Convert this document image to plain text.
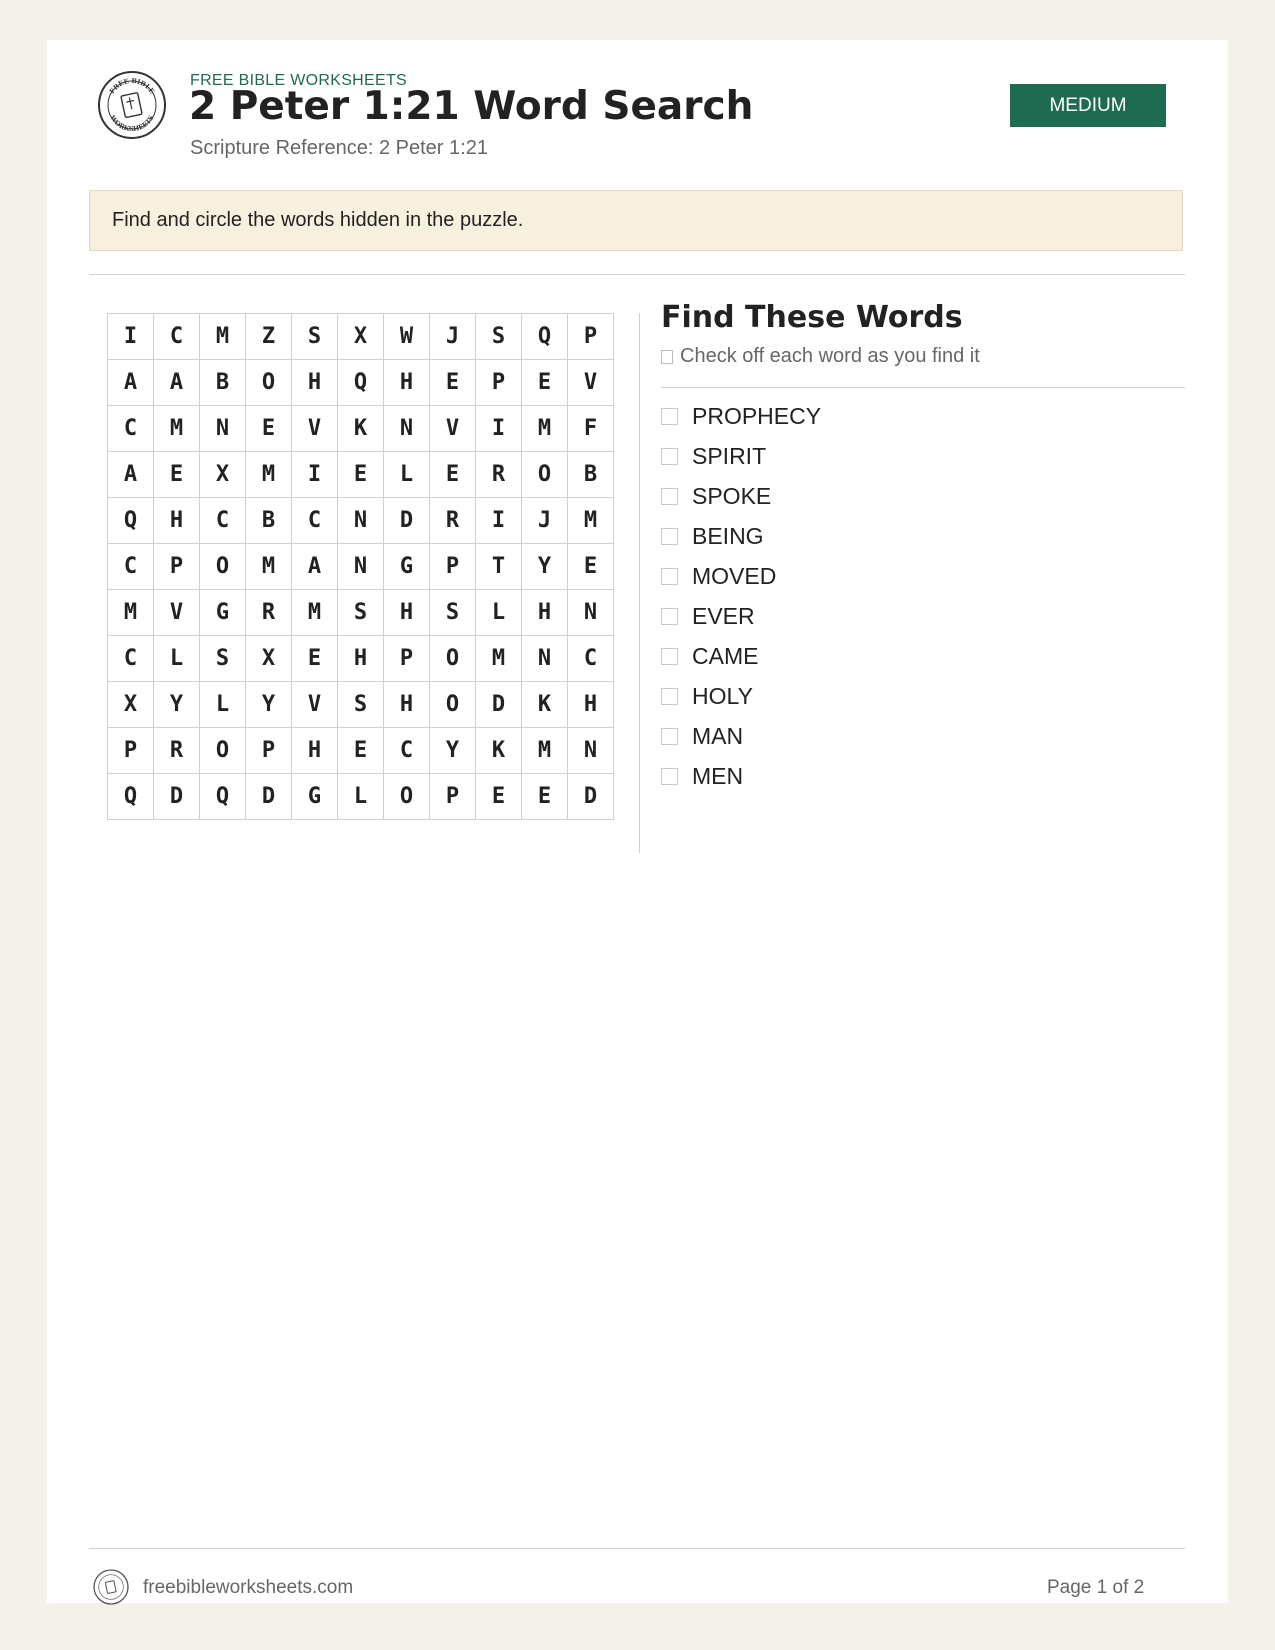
FREE BIBLE
WORKSHEETS
FREE BIBLE WORKSHEETS
2 Peter 1:21 Word Search
Scripture Reference: 2 Peter 1:21
MEDIUM
Find and circle the words hidden in the puzzle.
I	C	M	Z	S	X	W	J	S	Q	P
A	A	B	O	H	Q	H	E	P	E	V
C	M	N	E	V	K	N	V	I	M	F
A	E	X	M	I	E	L	E	R	O	B
Q	H	C	B	C	N	D	R	I	J	M
C	P	O	M	A	N	G	P	T	Y	E
M	V	G	R	M	S	H	S	L	H	N
C	L	S	X	E	H	P	O	M	N	C
X	Y	L	Y	V	S	H	O	D	K	H
P	R	O	P	H	E	C	Y	K	M	N
Q	D	Q	D	G	L	O	P	E	E	D
Find These Words
Check off each word as you find it
PROPHECY
SPIRIT
SPOKE
BEING
MOVED
EVER
CAME
HOLY
MAN
MEN
freebibleworksheets.com	Page 1 of 2
